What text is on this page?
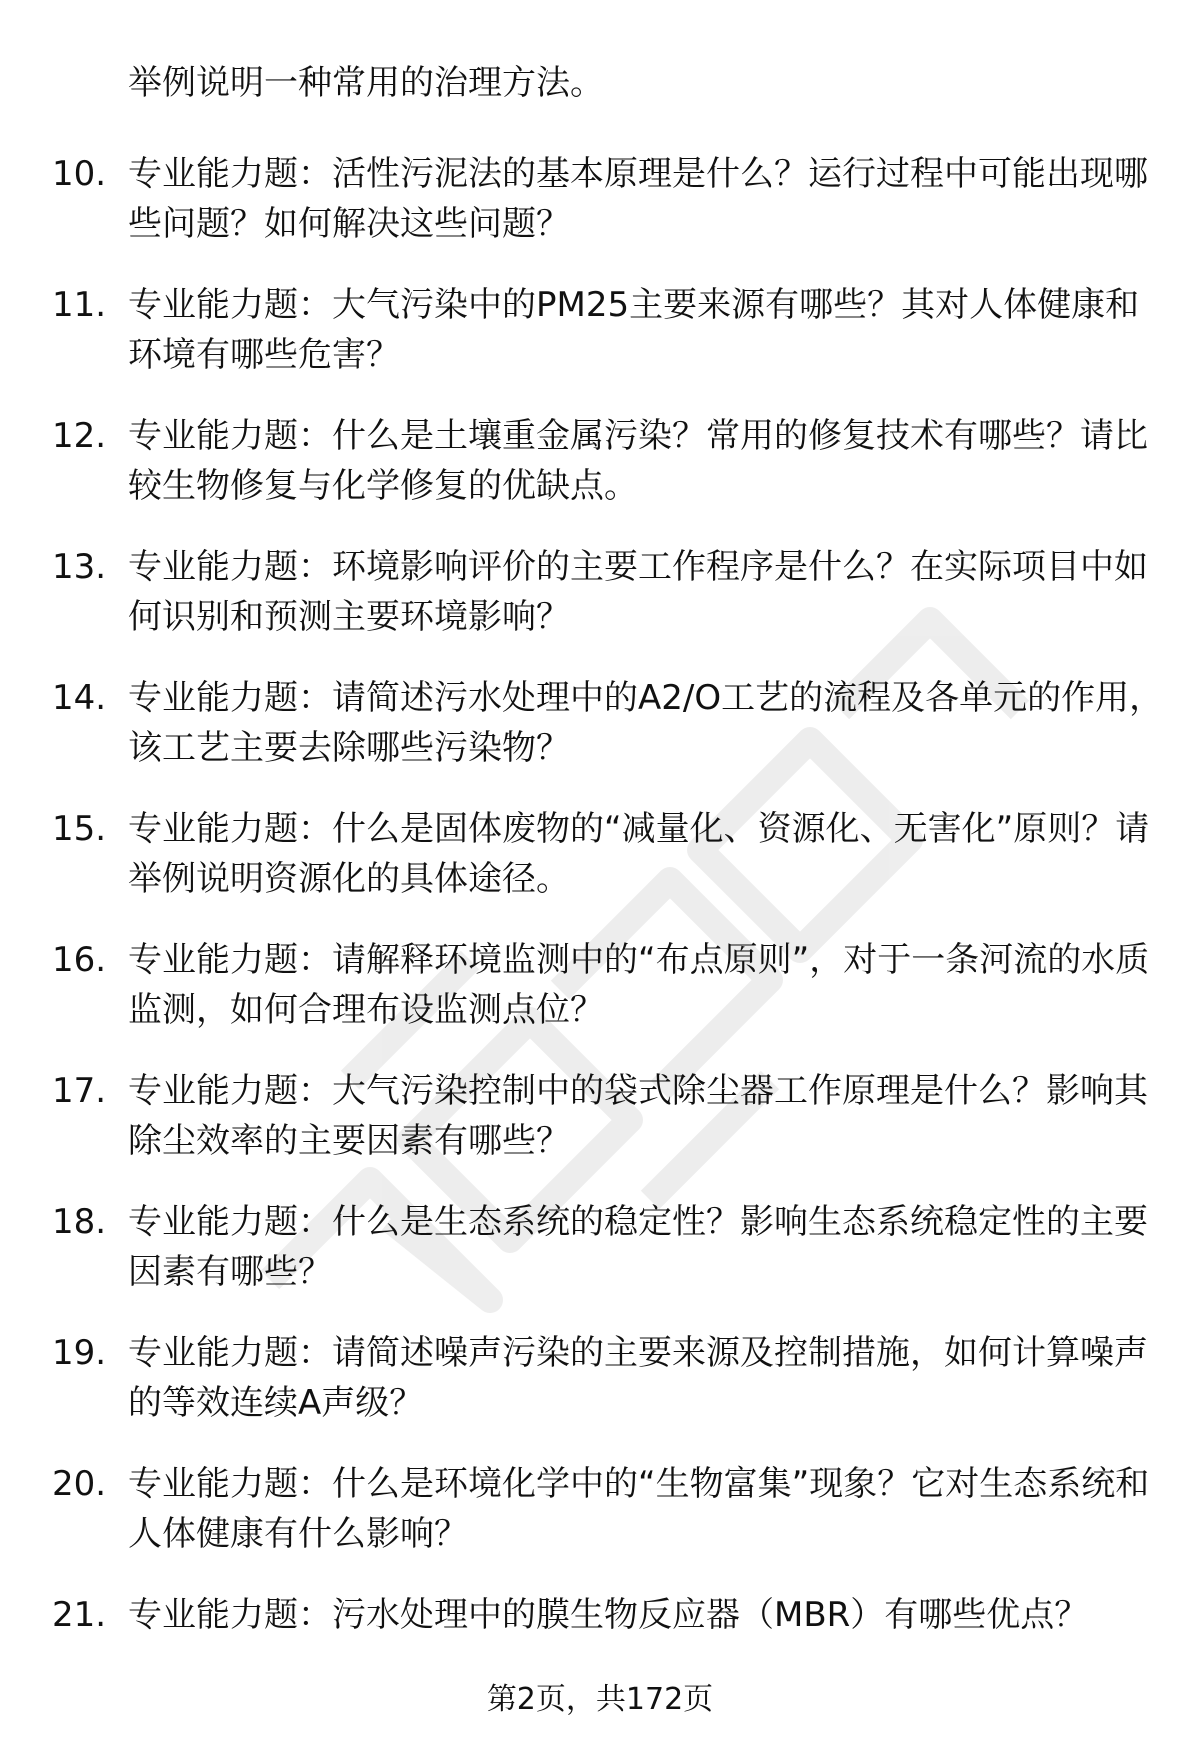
举例说明一种常用的治理方法。

10. 专业能力题：活性污泥法的基本原理是什么？运行过程中可能出现哪些问题？如何解决这些问题？

11. 专业能力题：大气污染中的PM25主要来源有哪些？其对人体健康和环境有哪些危害？

12. 专业能力题：什么是土壤重金属污染？常用的修复技术有哪些？请比较生物修复与化学修复的优缺点。

13. 专业能力题：环境影响评价的主要工作程序是什么？在实际项目中如何识别和预测主要环境影响？

14. 专业能力题：请简述污水处理中的A2/O工艺的流程及各单元的作用，该工艺主要去除哪些污染物？

15. 专业能力题：什么是固体废物的“减量化、资源化、无害化”原则？请举例说明资源化的具体途径。

16. 专业能力题：请解释环境监测中的“布点原则”，对于一条河流的水质监测，如何合理布设监测点位？

17. 专业能力题：大气污染控制中的袋式除尘器工作原理是什么？影响其除尘效率的主要因素有哪些？

18. 专业能力题：什么是生态系统的稳定性？影响生态系统稳定性的主要因素有哪些？

19. 专业能力题：请简述噪声污染的主要来源及控制措施，如何计算噪声的等效连续A声级？

20. 专业能力题：什么是环境化学中的“生物富集”现象？它对生态系统和人体健康有什么影响？

21. 专业能力题：污水处理中的膜生物反应器（MBR）有哪些优点？

第2页，共172页
